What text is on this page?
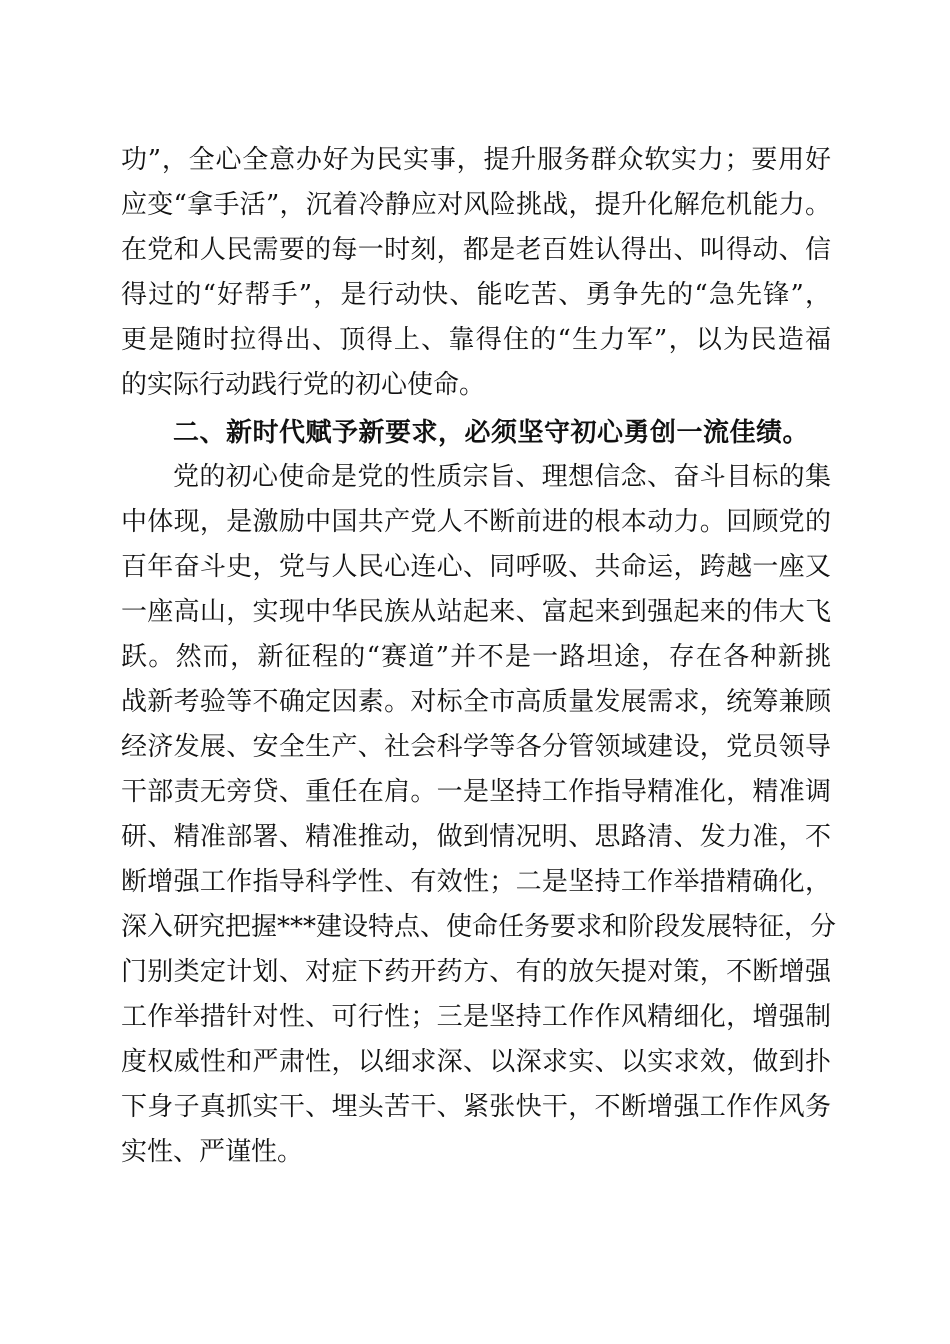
功”，全心全意办好为民实事，提升服务群众软实力；要用好
应变“拿手活”，沉着冷静应对风险挑战，提升化解危机能力。
在党和人民需要的每一时刻，都是老百姓认得出、叫得动、信
得过的“好帮手”，是行动快、能吃苦、勇争先的“急先锋”，
更是随时拉得出、顶得上、靠得住的“生力军”，以为民造福
的实际行动践行党的初心使命。
二、新时代赋予新要求，必须坚守初心勇创一流佳绩。
党的初心使命是党的性质宗旨、理想信念、奋斗目标的集
中体现，是激励中国共产党人不断前进的根本动力。回顾党的
百年奋斗史，党与人民心连心、同呼吸、共命运，跨越一座又
一座高山，实现中华民族从站起来、富起来到强起来的伟大飞
跃。然而，新征程的“赛道”并不是一路坦途，存在各种新挑
战新考验等不确定因素。对标全市高质量发展需求，统筹兼顾
经济发展、安全生产、社会科学等各分管领域建设，党员领导
干部责无旁贷、重任在肩。一是坚持工作指导精准化，精准调
研、精准部署、精准推动，做到情况明、思路清、发力准，不
断增强工作指导科学性、有效性；二是坚持工作举措精确化，
深入研究把握***建设特点、使命任务要求和阶段发展特征，分
门别类定计划、对症下药开药方、有的放矢提对策，不断增强
工作举措针对性、可行性；三是坚持工作作风精细化，增强制
度权威性和严肃性，以细求深、以深求实、以实求效，做到扑
下身子真抓实干、埋头苦干、紧张快干，不断增强工作作风务
实性、严谨性。
